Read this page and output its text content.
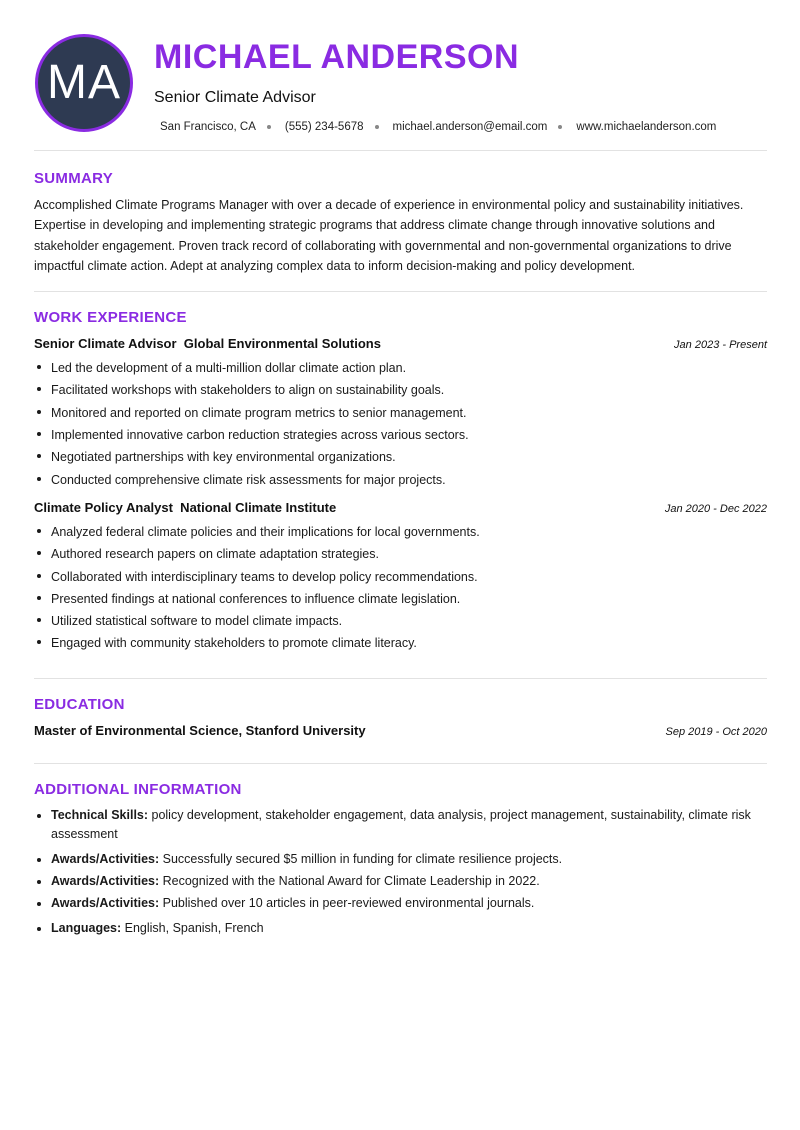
MA MICHAEL ANDERSON
Senior Climate Advisor
San Francisco, CA	(555) 234-5678	michael.anderson@email.com	www.michaelanderson.com
SUMMARY

Accomplished Climate Programs Manager with over a decade of experience in environmental policy and sustainability initiatives. Expertise in developing and implementing strategic programs that address climate change through innovative solutions and stakeholder engagement. Proven track record of collaborating with governmental and non-governmental organizations to drive impactful climate action. Adept at analyzing complex data to inform decision-making and policy development.

WORK EXPERIENCE
Senior Climate Advisor  Global Environmental Solutions	Jan 2023 - Present
Led the development of a multi-million dollar climate action plan.
Facilitated workshops with stakeholders to align on sustainability goals.
Monitored and reported on climate program metrics to senior management.
Implemented innovative carbon reduction strategies across various sectors.
Negotiated partnerships with key environmental organizations.
Conducted comprehensive climate risk assessments for major projects.
Climate Policy Analyst  National Climate Institute	Jan 2020 - Dec 2022
Analyzed federal climate policies and their implications for local governments.
Authored research papers on climate adaptation strategies.
Collaborated with interdisciplinary teams to develop policy recommendations.
Presented findings at national conferences to influence climate legislation.
Utilized statistical software to model climate impacts.
Engaged with community stakeholders to promote climate literacy.
EDUCATION
Master of Environmental Science, Stanford University	Sep 2019 - Oct 2020
ADDITIONAL INFORMATION
Technical Skills: policy development, stakeholder engagement, data analysis, project management, sustainability, climate risk assessment
Awards/Activities: Successfully secured $5 million in funding for climate resilience projects.
Awards/Activities: Recognized with the National Award for Climate Leadership in 2022.
Awards/Activities: Published over 10 articles in peer-reviewed environmental journals.
Languages: English, Spanish, French
